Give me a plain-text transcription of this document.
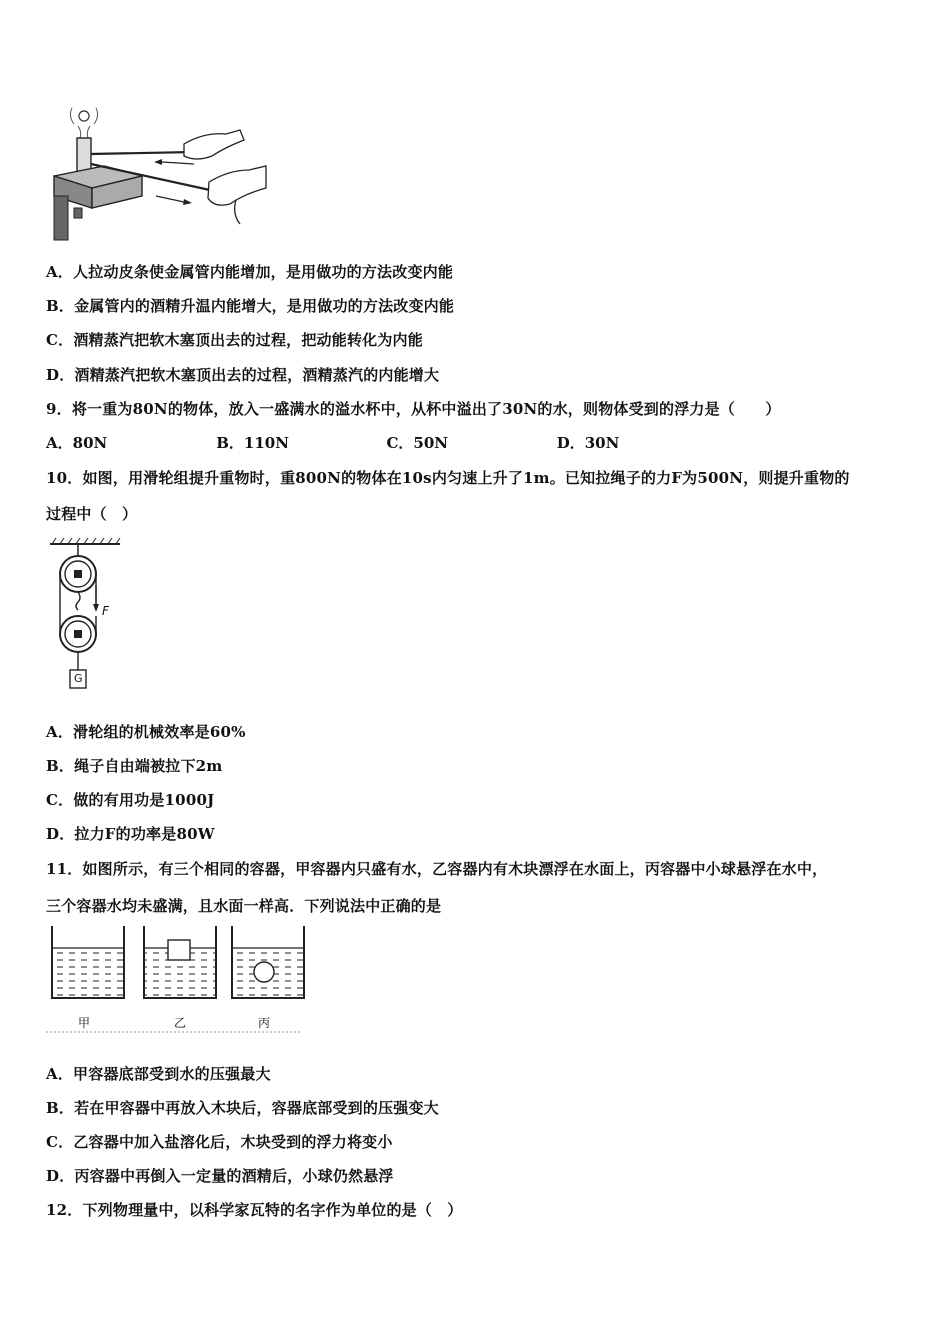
A．人拉动皮条使金属管内能增加，是用做功的方法改变内能
B．金属管内的酒精升温内能增大，是用做功的方法改变内能
C．酒精蒸汽把软木塞顶出去的过程，把动能转化为内能
D．酒精蒸汽把软木塞顶出去的过程，酒精蒸汽的内能增大
9．将一重为80N的物体，放入一盛满水的溢水杯中，从杯中溢出了30N的水，则物体受到的浮力是（　　）
A．80N	B．110N	C．50N	D．30N
10．如图，用滑轮组提升重物时，重800N的物体在10s内匀速上升了1m。已知拉绳子的力F为500N，则提升重物的
过程中（　）
F
G
A．滑轮组的机械效率是60%
B．绳子自由端被拉下2m
C．做的有用功是1000J
D．拉力F的功率是80W
11．如图所示，有三个相同的容器，甲容器内只盛有水，乙容器内有木块漂浮在水面上，丙容器中小球悬浮在水中，
三个容器水均未盛满，且水面一样高．下列说法中正确的是
甲	乙	丙
A．甲容器底部受到水的压强最大
B．若在甲容器中再放入木块后，容器底部受到的压强变大
C．乙容器中加入盐溶化后，木块受到的浮力将变小
D．丙容器中再倒入一定量的酒精后，小球仍然悬浮
12．下列物理量中，以科学家瓦特的名字作为单位的是（　）
